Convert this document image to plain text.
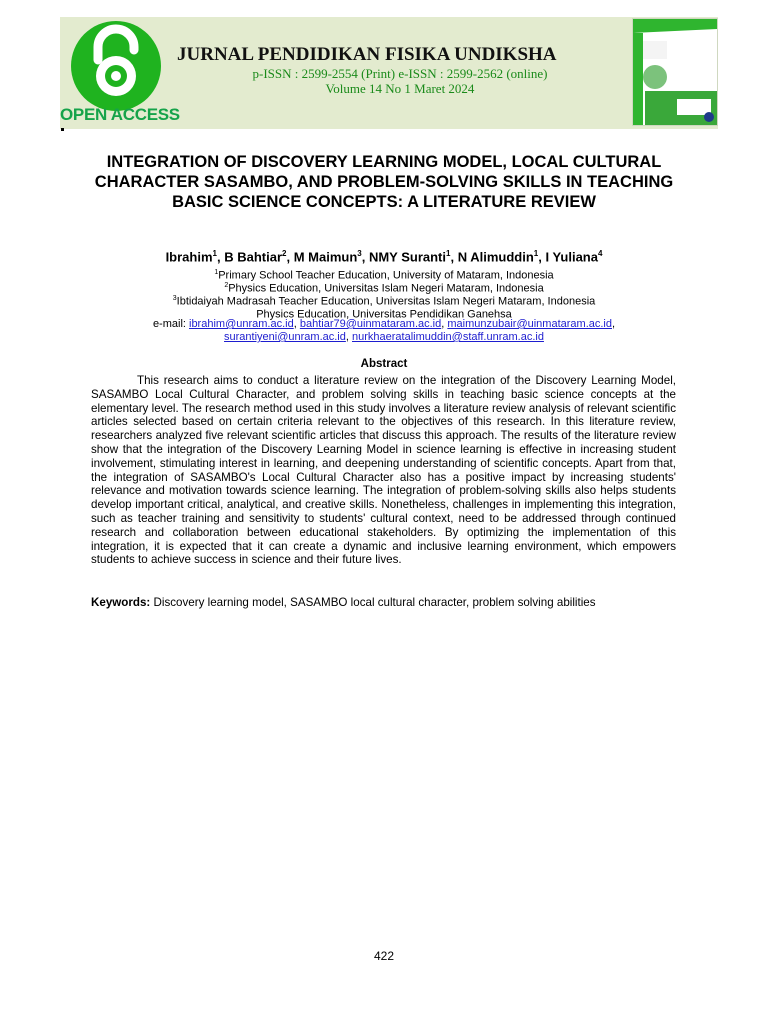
OPEN ACCESS
JURNAL PENDIDIKAN FISIKA UNDIKSHA
p-ISSN : 2599-2554 (Print) e-ISSN : 2599-2562 (online)
Volume 14 No 1 Maret 2024
INTEGRATION OF DISCOVERY LEARNING MODEL, LOCAL CULTURAL CHARACTER SASAMBO, AND PROBLEM-SOLVING SKILLS IN TEACHING BASIC SCIENCE CONCEPTS: A LITERATURE REVIEW
Ibrahim$^1$, B Bahtiar$^2$, M Maimun$^3$, NMY Suranti$^1$, N Alimuddin$^1$, I Yuliana$^4$
$^1$Primary School Teacher Education, University of Mataram, Indonesia
$^2$Physics Education, Universitas Islam Negeri Mataram, Indonesia
$^3$Ibtidaiyah Madrasah Teacher Education, Universitas Islam Negeri Mataram, Indonesia
Physics Education, Universitas Pendidikan Ganehsa
e-mail: ibrahim@unram.ac.id, bahtiar79@uinmataram.ac.id, maimunzubair@uinmataram.ac.id,
surantiyeni@unram.ac.id, nurkhaeratalimuddin@staff.unram.ac.id
Abstract

This research aims to conduct a literature review on the integration of the Discovery Learning Model, SASAMBO Local Cultural Character, and problem solving skills in teaching basic science concepts at the elementary level. The research method used in this study involves a literature review analysis of relevant scientific articles selected based on certain criteria relevant to the objectives of this research. In this literature review, researchers analyzed five relevant scientific articles that discuss this approach. The results of the literature review show that the integration of the Discovery Learning Model in science learning is effective in increasing student involvement, stimulating interest in learning, and deepening understanding of scientific concepts. Apart from that, the integration of SASAMBO's Local Cultural Character also has a positive impact by increasing students' relevance and motivation towards science learning. The integration of problem-solving skills also helps students develop important critical, analytical, and creative skills. Nonetheless, challenges in implementing this integration, such as teacher training and sensitivity to students' cultural context, need to be addressed through continued research and collaboration between educational stakeholders. By optimizing the implementation of this integration, it is expected that it can create a dynamic and inclusive learning environment, which empowers students to achieve success in science and their future lives.

Keywords: Discovery learning model, SASAMBO local cultural character, problem solving abilities
422
